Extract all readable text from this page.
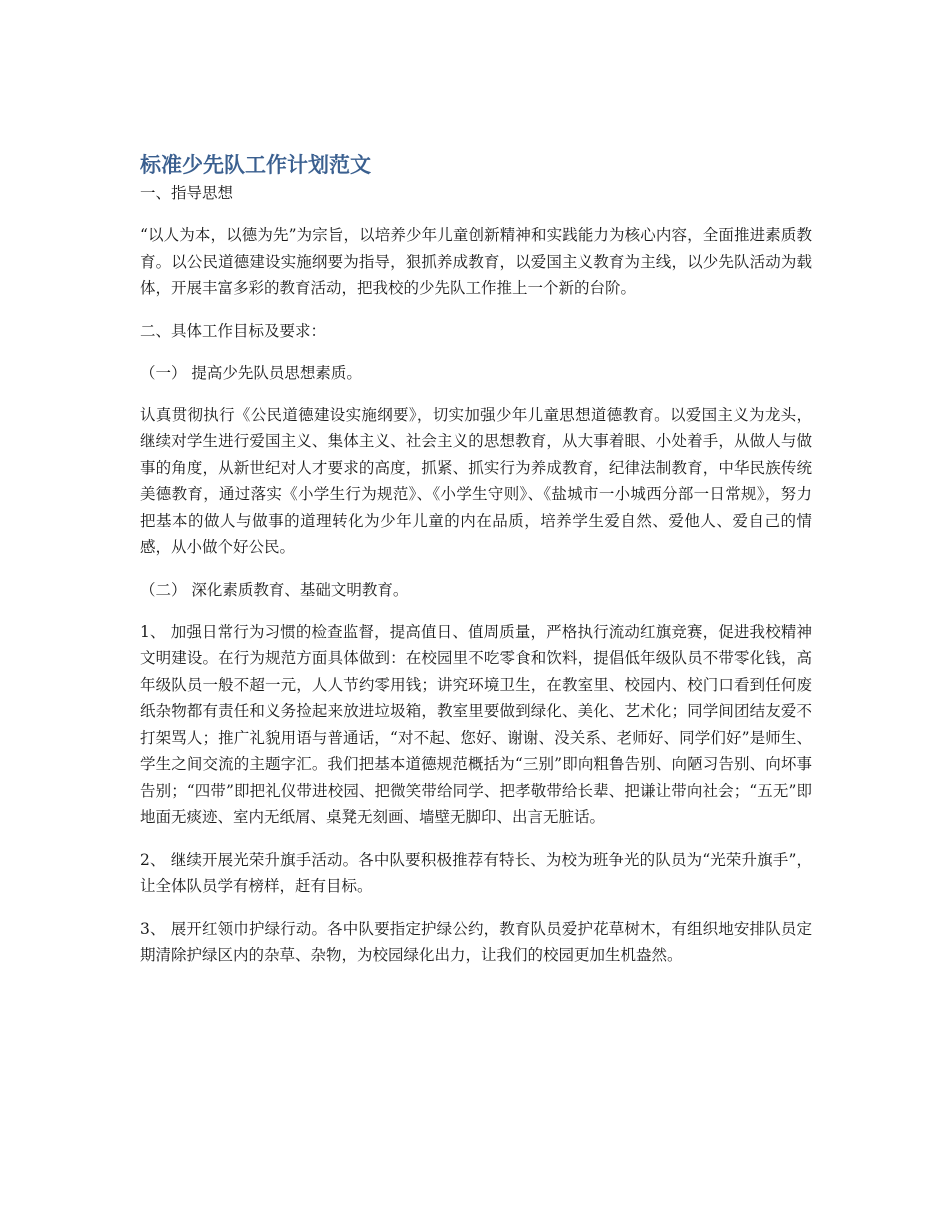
标准少先队工作计划范文

一、指导思想

“以人为本，以德为先”为宗旨，以培养少年儿童创新精神和实践能力为核心内容，全面推进素质教育。以公民道德建设实施纲要为指导，狠抓养成教育，以爱国主义教育为主线，以少先队活动为载体，开展丰富多彩的教育活动，把我校的少先队工作推上一个新的台阶。

二、具体工作目标及要求：

（一） 提高少先队员思想素质。

认真贯彻执行《公民道德建设实施纲要》，切实加强少年儿童思想道德教育。以爱国主义为龙头，继续对学生进行爱国主义、集体主义、社会主义的思想教育，从大事着眼、小处着手，从做人与做事的角度，从新世纪对人才要求的高度，抓紧、抓实行为养成教育，纪律法制教育，中华民族传统美德教育，通过落实《小学生行为规范》、《小学生守则》、《盐城市一小城西分部一日常规》，努力把基本的做人与做事的道理转化为少年儿童的内在品质，培养学生爱自然、爱他人、爱自己的情感，从小做个好公民。

（二） 深化素质教育、基础文明教育。

1、 加强日常行为习惯的检查监督，提高值日、值周质量，严格执行流动红旗竞赛，促进我校精神文明建设。在行为规范方面具体做到：在校园里不吃零食和饮料，提倡低年级队员不带零化钱，高年级队员一般不超一元，人人节约零用钱；讲究环境卫生，在教室里、校园内、校门口看到任何废纸杂物都有责任和义务捡起来放进垃圾箱，教室里要做到绿化、美化、艺术化；同学间团结友爱不打架骂人；推广礼貌用语与普通话，“对不起、您好、谢谢、没关系、老师好、同学们好”是师生、学生之间交流的主题字汇。我们把基本道德规范概括为“三别”即向粗鲁告别、向陋习告别、向坏事告别；“四带”即把礼仪带进校园、把微笑带给同学、把孝敬带给长辈、把谦让带向社会；“五无”即地面无痰迹、室内无纸屑、桌凳无刻画、墙壁无脚印、出言无脏话。

2、 继续开展光荣升旗手活动。各中队要积极推荐有特长、为校为班争光的队员为“光荣升旗手”，让全体队员学有榜样，赶有目标。

3、 展开红领巾护绿行动。各中队要指定护绿公约，教育队员爱护花草树木，有组织地安排队员定期清除护绿区内的杂草、杂物，为校园绿化出力，让我们的校园更加生机盎然。
